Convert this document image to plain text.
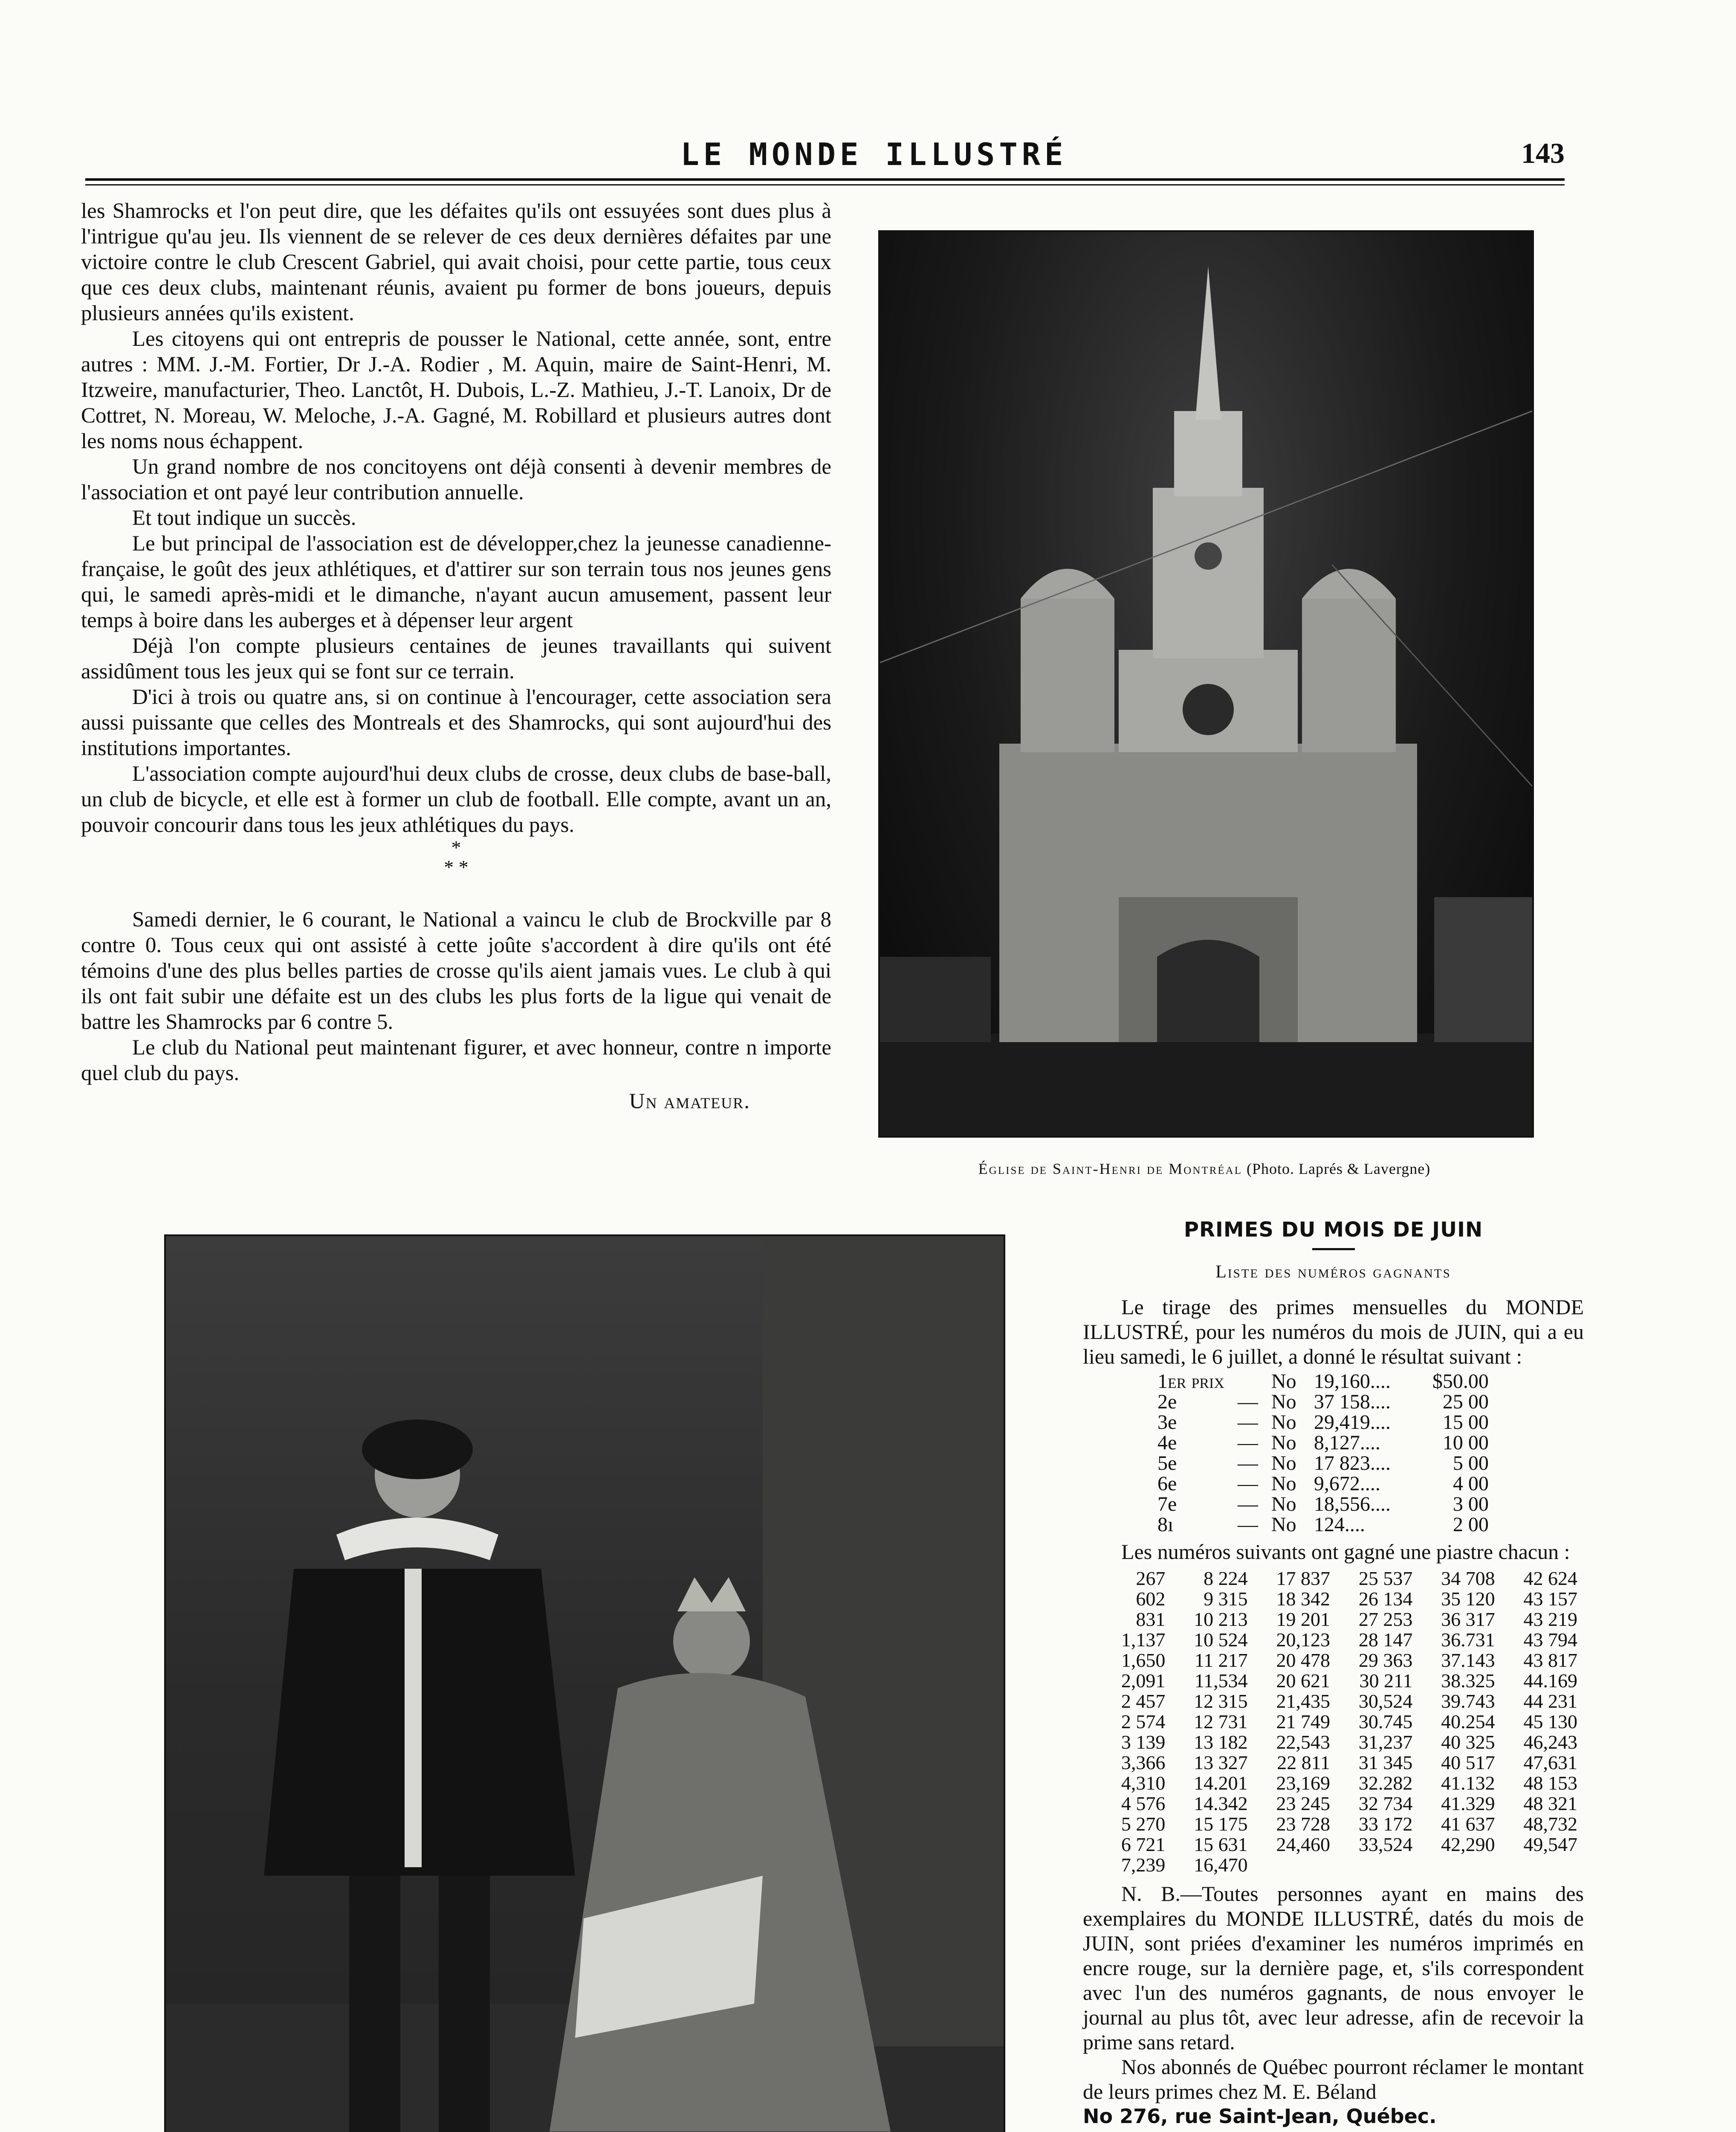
LE MONDE ILLUSTRÉ	143

les Shamrocks et l'on peut dire, que les défaites qu'ils ont essuyées sont dues plus à l'intrigue qu'au jeu. Ils viennent de se relever de ces deux dernières défaites par une victoire contre le club Crescent Gabriel, qui avait choisi, pour cette partie, tous ceux que ces deux clubs, maintenant réunis, avaient pu former de bons joueurs, depuis plusieurs années qu'ils existent.

Les citoyens qui ont entrepris de pousser le National, cette année, sont, entre autres : MM. J.-M. Fortier, Dr J.-A. Rodier , M. Aquin, maire de Saint-Henri, M. Itzweire, manufacturier, Theo. Lanctôt, H. Dubois, L.-Z. Mathieu, J.-T. Lanoix, Dr de Cottret, N. Moreau, W. Meloche, J.-A. Gagné, M. Robillard et plusieurs autres dont les noms nous échappent.

Un grand nombre de nos concitoyens ont déjà consenti à devenir membres de l'association et ont payé leur contribution annuelle.

Et tout indique un succès.

Le but principal de l'association est de développer,chez la jeunesse canadienne-française, le goût des jeux athlétiques, et d'attirer sur son terrain tous nos jeunes gens qui, le samedi après-midi et le dimanche, n'ayant aucun amusement, passent leur temps à boire dans les auberges et à dépenser leur argent

Déjà l'on compte plusieurs centaines de jeunes travaillants qui suivent assidûment tous les jeux qui se font sur ce terrain.

D'ici à trois ou quatre ans, si on continue à l'encourager, cette association sera aussi puissante que celles des Montreals et des Shamrocks, qui sont aujourd'hui des institutions importantes.

L'association compte aujourd'hui deux clubs de crosse, deux clubs de base-ball, un club de bicycle, et elle est à former un club de football. Elle compte, avant un an, pouvoir concourir dans tous les jeux athlétiques du pays.

*
* *

Samedi dernier, le 6 courant, le National a vaincu le club de Brockville par 8 contre 0. Tous ceux qui ont assisté à cette joûte s'accordent à dire qu'ils ont été témoins d'une des plus belles parties de crosse qu'ils aient jamais vues. Le club à qui ils ont fait subir une défaite est un des clubs les plus forts de la ligue qui venait de battre les Shamrocks par 6 contre 5.

Le club du National peut maintenant figurer, et avec honneur, contre n importe quel club du pays.

Un amateur.

Église de Saint-Henri de Montréal (Photo. Laprés & Lavergne)
PRIMES DU MOIS DE JUIN
Liste des numéros gagnants

Le tirage des primes mensuelles du MONDE ILLUSTRÉ, pour les numéros du mois de JUIN, qui a eu lieu samedi, le 6 juillet, a donné le résultat suivant :

1er prix		No	19,160....	$50.00
2e	—	No	37 158....	25 00
3e	—	No	29,419....	15 00
4e	—	No	8,127....	10 00
5e	—	No	17 823....	5 00
6e	—	No	9,672....	4 00
7e	—	No	18,556....	3 00
8ı	—	No	124....	2 00

Les numéros suivants ont gagné une piastre chacun :

267	8 224	17 837	25 537	34 708	42 624
602	9 315	18 342	26 134	35 120	43 157
831	10 213	19 201	27 253	36 317	43 219
1,137	10 524	20,123	28 147	36.731	43 794
1,650	11 217	20 478	29 363	37.143	43 817
2,091	11,534	20 621	30 211	38.325	44.169
2 457	12 315	21,435	30,524	39.743	44 231
2 574	12 731	21 749	30.745	40.254	45 130
3 139	13 182	22,543	31,237	40 325	46,243
3,366	13 327	22 811	31 345	40 517	47,631
4,310	14.201	23,169	32.282	41.132	48 153
4 576	14.342	23 245	32 734	41.329	48 321
5 270	15 175	23 728	33 172	41 637	48,732
6 721	15 631	24,460	33,524	42,290	49,547
7,239	16,470				

N. B.—Toutes personnes ayant en mains des exemplaires du MONDE ILLUSTRÉ, datés du mois de JUIN, sont priées d'examiner les numéros imprimés en encre rouge, sur la dernière page, et, s'ils correspondent avec l'un des numéros gagnants, de nous envoyer le journal au plus tôt, avec leur adresse, afin de recevoir la prime sans retard.

Nos abonnés de Québec pourront réclamer le montant de leurs primes chez M. E. Béland

No 276, rue Saint-Jean, Québec.
